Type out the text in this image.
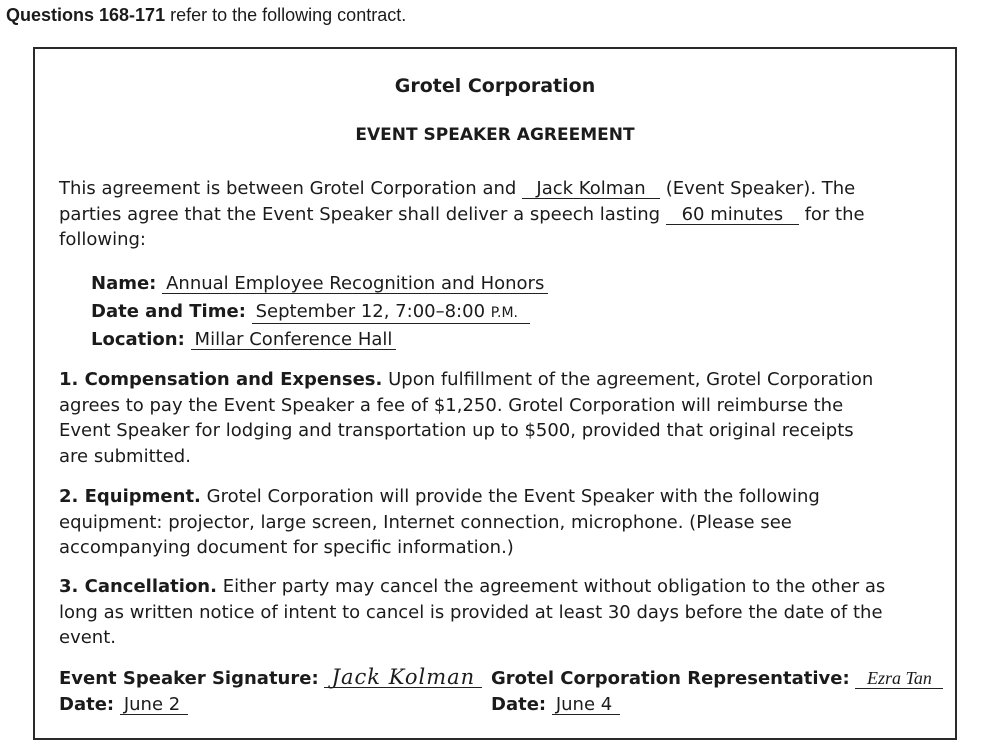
Questions 168-171 refer to the following contract.
Grotel Corporation
EVENT SPEAKER AGREEMENT
This agreement is between Grotel Corporation and Jack Kolman (Event Speaker). The
parties agree that the Event Speaker shall deliver a speech lasting 60 minutes for the
following:
Name: Annual Employee Recognition and Honors
Date and Time: September 12, 7:00–8:00 P.M.
Location: Millar Conference Hall
1. Compensation and Expenses. Upon fulfillment of the agreement, Grotel Corporation
agrees to pay the Event Speaker a fee of $1,250. Grotel Corporation will reimburse the
Event Speaker for lodging and transportation up to $500, provided that original receipts
are submitted.
2. Equipment. Grotel Corporation will provide the Event Speaker with the following
equipment: projector, large screen, Internet connection, microphone. (Please see
accompanying document for specific information.)
3. Cancellation. Either party may cancel the agreement without obligation to the other as
long as written notice of intent to cancel is provided at least 30 days before the date of the
event.
Event Speaker Signature: Jack Kolman
Date: June 2
Grotel Corporation Representative: Ezra Tan
Date: June 4
